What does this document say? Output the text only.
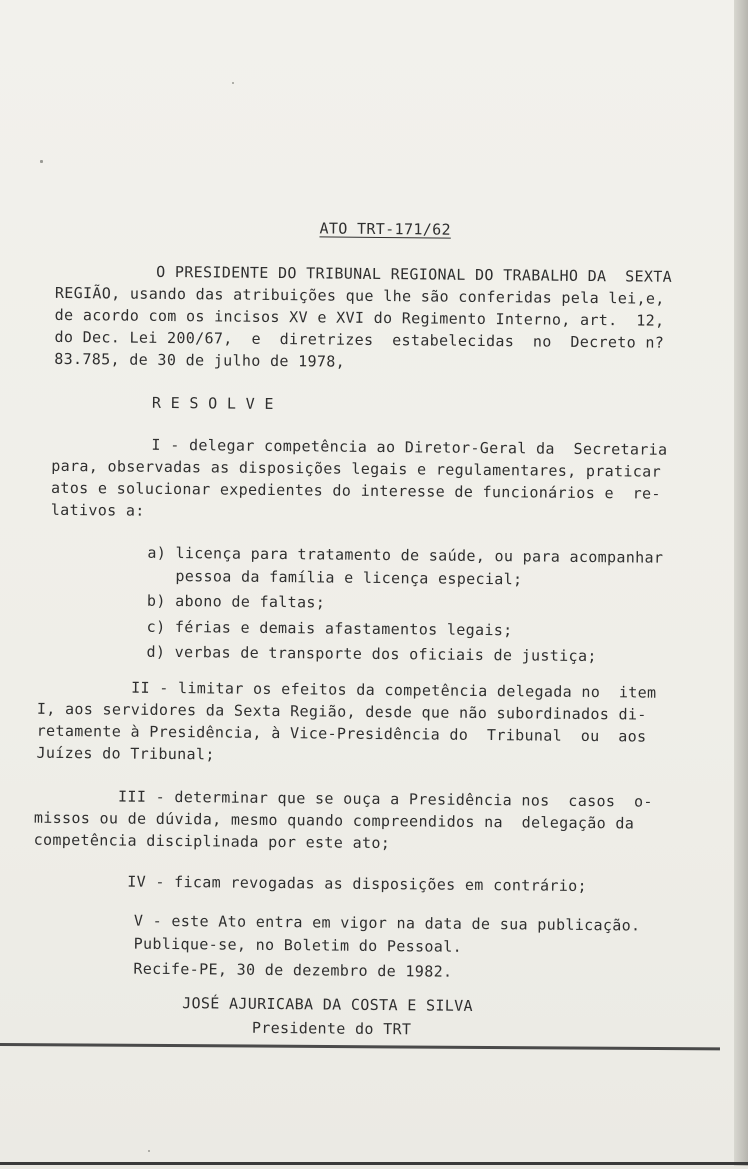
ATO TRT-171/62
O PRESIDENTE DO TRIBUNAL REGIONAL DO TRABALHO DA  SEXTA
REGIÃO, usando das atribuições que lhe são conferidas pela lei,e,
de acordo com os incisos XV e XVI do Regimento Interno, art.  12,
do Dec. Lei 200/67,  e  diretrizes  estabelecidas  no  Decreto n?
83.785, de 30 de julho de 1978,
R E S O L V E
I - delegar competência ao Diretor-Geral da  Secretaria
para, observadas as disposições legais e regulamentares, praticar
atos e solucionar expedientes do interesse de funcionários e  re-
lativos a:
a) licença para tratamento de saúde, ou para acompanhar
pessoa da família e licença especial;
b) abono de faltas;
c) férias e demais afastamentos legais;
d) verbas de transporte dos oficiais de justiça;
II - limitar os efeitos da competência delegada no  item
I, aos servidores da Sexta Região, desde que não subordinados di-
retamente à Presidência, à Vice-Presidência do  Tribunal  ou  aos
Juízes do Tribunal;
III - determinar que se ouça a Presidência nos  casos  o-
missos ou de dúvida, mesmo quando compreendidos na  delegação da
competência disciplinada por este ato;
IV - ficam revogadas as disposições em contrário;
V - este Ato entra em vigor na data de sua publicação.
Publique-se, no Boletim do Pessoal.
Recife-PE, 30 de dezembro de 1982.
JOSÉ AJURICABA DA COSTA E SILVA
Presidente do TRT
